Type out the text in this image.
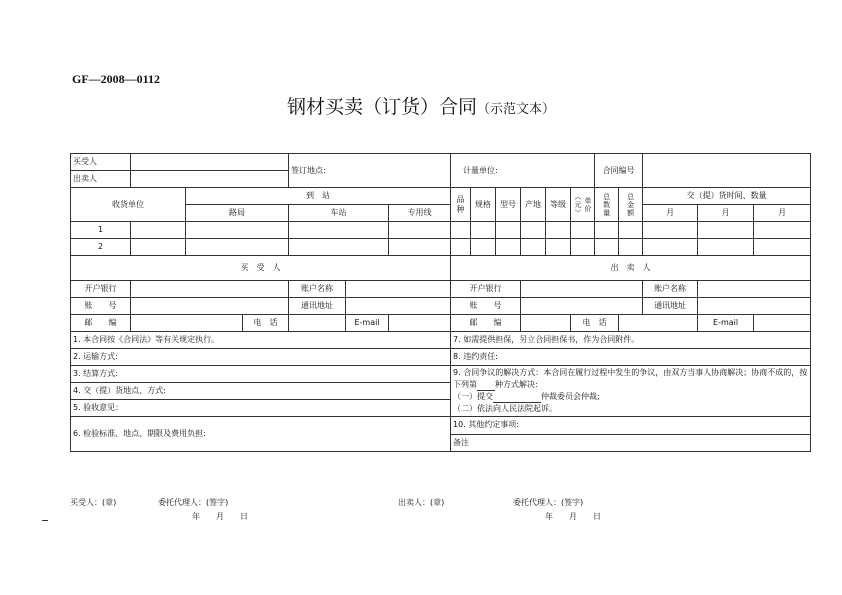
GF—2008—0112
钢材买卖（订货）合同（示范文本）
买受人				签订地点:			计量单位:						合同编号				
出卖人																	
收货单位		到　站					品种	规格	型号	产地	等级	单价（元）	总数量	总金额	交（提）货时间、数量		
		路局		车站		专用线									月	月	月
1																	
2																	
买　受　人							出　卖　人										
开户银行				账户名称			开户银行								账户名称		
账　　号				通讯地址			账　　号								通讯地址		
邮　　编			电　话		E-mail		邮　　编					电　话				E-mail	
1. 本合同按《合同法》等有关规定执行。							7. 如需提供担保，另立合同担保书，作为合同附件。										
2. 运输方式:							8. 违约责任:										
3. 结算方式:							9. 合同争议的解决方式：本合同在履行过程中发生的争议，由双方当事人协商解决；协商不成的，按下列第 种方式解决:
（一）提交 仲裁委员会仲裁;
（二）依法向人民法院起诉。										
4. 交（提）货地点、方式:																	
5. 验收意见：																	
6. 检验标准、地点、期限及费用负担:							10. 其他约定事项:										
							备注										
买受人：(章)	委托代理人：(签字)
年　　月　　日
出卖人：(章)	委托代理人：(签字)
年　　月　　日
